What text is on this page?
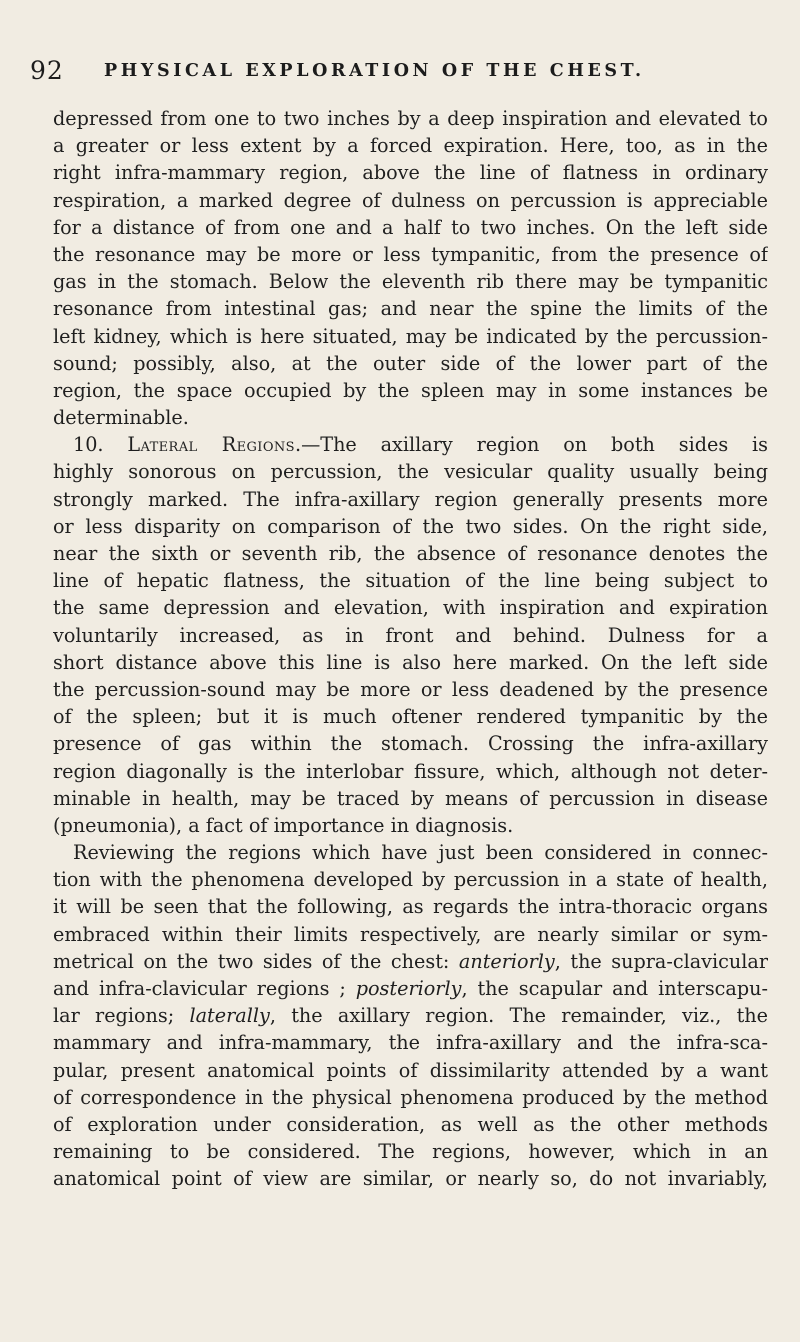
92 PHYSICAL EXPLORATION OF THE CHEST.
depressed from one to two inches by a deep inspiration and elevated to
a greater or less extent by a forced expiration. Here, too, as in the
right infra-mammary region, above the line of flatness in ordinary
respiration, a marked degree of dulness on percussion is appreciable
for a distance of from one and a half to two inches. On the left side
the resonance may be more or less tympanitic, from the presence of
gas in the stomach. Below the eleventh rib there may be tympanitic
resonance from intestinal gas; and near the spine the limits of the
left kidney, which is here situated, may be indicated by the percussion-
sound; possibly, also, at the outer side of the lower part of the
region, the space occupied by the spleen may in some instances be
determinable.
10. Lateral Regions.—The axillary region on both sides is
highly sonorous on percussion, the vesicular quality usually being
strongly marked. The infra-axillary region generally presents more
or less disparity on comparison of the two sides. On the right side,
near the sixth or seventh rib, the absence of resonance denotes the
line of hepatic flatness, the situation of the line being subject to
the same depression and elevation, with inspiration and expiration
voluntarily increased, as in front and behind. Dulness for a
short distance above this line is also here marked. On the left side
the percussion-sound may be more or less deadened by the presence
of the spleen; but it is much oftener rendered tympanitic by the
presence of gas within the stomach. Crossing the infra-axillary
region diagonally is the interlobar fissure, which, although not deter-
minable in health, may be traced by means of percussion in disease
(pneumonia), a fact of importance in diagnosis.
Reviewing the regions which have just been considered in connec-
tion with the phenomena developed by percussion in a state of health,
it will be seen that the following, as regards the intra-thoracic organs
embraced within their limits respectively, are nearly similar or sym-
metrical on the two sides of the chest: anteriorly, the supra-clavicular
and infra-clavicular regions ; posteriorly, the scapular and interscapu-
lar regions; laterally, the axillary region. The remainder, viz., the
mammary and infra-mammary, the infra-axillary and the infra-sca-
pular, present anatomical points of dissimilarity attended by a want
of correspondence in the physical phenomena produced by the method
of exploration under consideration, as well as the other methods
remaining to be considered. The regions, however, which in an
anatomical point of view are similar, or nearly so, do not invariably,
